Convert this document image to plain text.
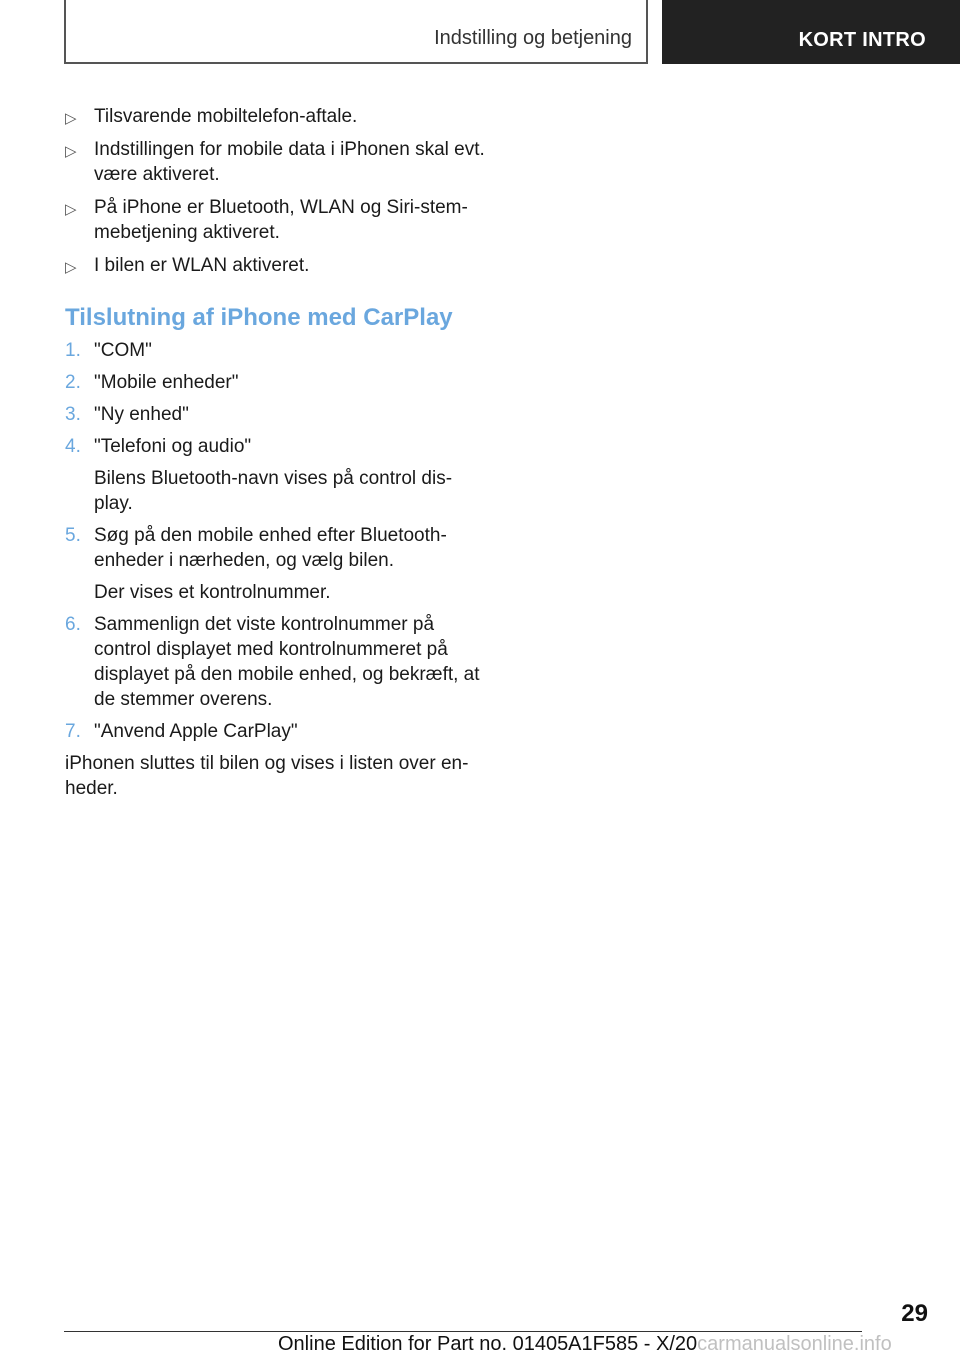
Indstilling og betjening	KORT INTRO
▷ Tilsvarende mobiltelefon-aftale.
▷ Indstillingen for mobile data i iPhonen skal evt. være aktiveret.
▷ På iPhone er Bluetooth, WLAN og Siri-stem-mebetjening aktiveret.
▷ I bilen er WLAN aktiveret.
Tilslutning af iPhone med CarPlay
1. "COM"
2. "Mobile enheder"
3. "Ny enhed"
4. "Telefoni og audio"
Bilens Bluetooth-navn vises på control dis-play.
5. Søg på den mobile enhed efter Bluetooth-enheder i nærheden, og vælg bilen.
Der vises et kontrolnummer.
6. Sammenlign det viste kontrolnummer på control displayet med kontrolnummeret på displayet på den mobile enhed, og bekræft, at de stemmer overens.
7. "Anvend Apple CarPlay"

iPhonen sluttes til bilen og vises i listen over en-heder.

29
Online Edition for Part no. 01405A1F585 - X/20carmanualsonline.info
